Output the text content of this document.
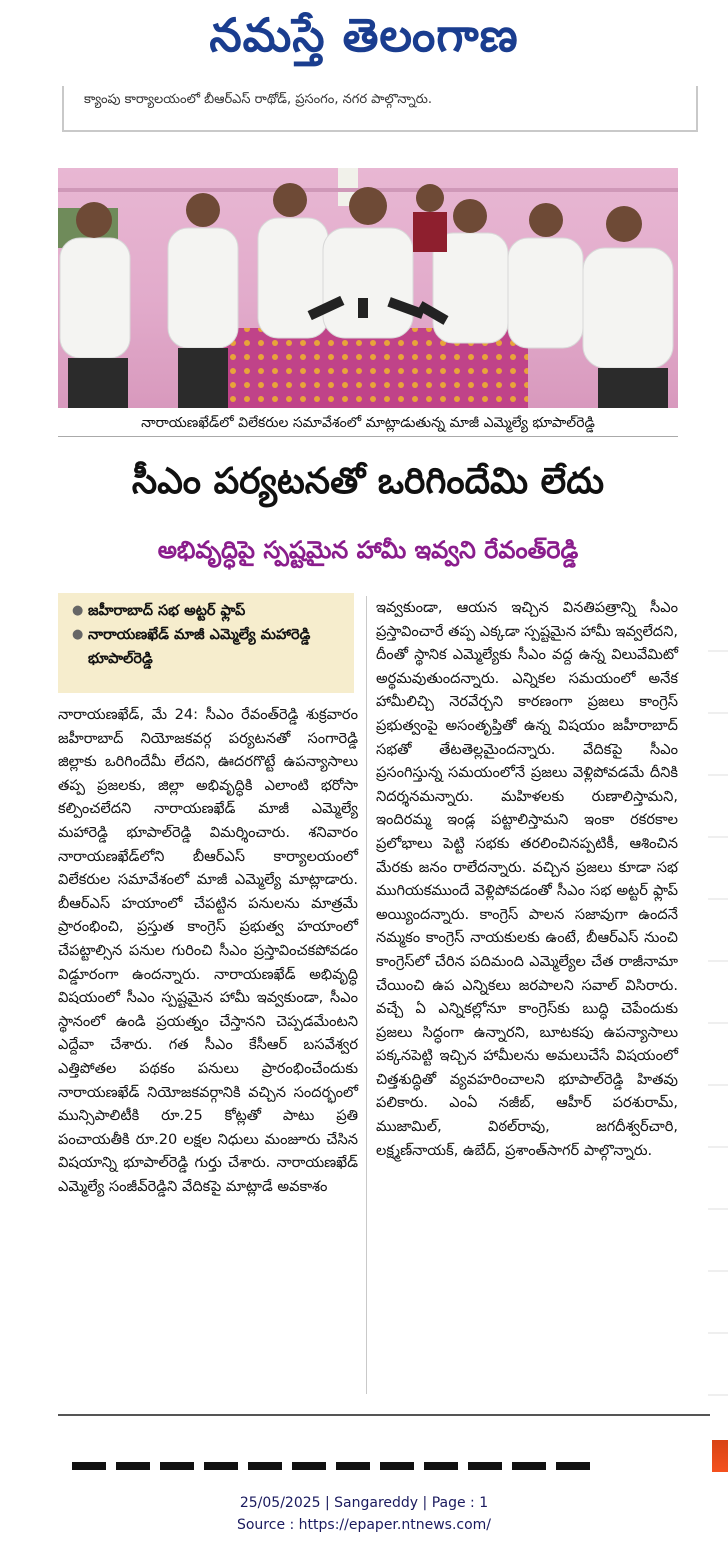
నమస్తే తెలంగాణ
క్యాంపు కార్యాలయంలో బీఆర్ఎస్ రాథోడ్, ప్రసంగం, నగర పాల్గొన్నారు.
నారాయణఖేడ్‌లో విలేకరుల సమావేశంలో మాట్లాడుతున్న మాజీ ఎమ్మెల్యే భూపాల్‌రెడ్డి
సీఎం పర్యటనతో ఒరిగిందేమి లేదు
అభివృద్ధిపై స్పష్టమైన హామీ ఇవ్వని రేవంత్‌రెడ్డి
● జహీరాబాద్ సభ అట్టర్ ఫ్లాప్
● నారాయణఖేడ్ మాజీ ఎమ్మెల్యే మహారెడ్డి భూపాల్‌రెడ్డి

నారాయణఖేడ్, మే 24: సీఎం రేవంత్‌రెడ్డి శుక్రవారం జహీరాబాద్ నియోజకవర్గ పర్యటనతో సంగారెడ్డి జిల్లాకు ఒరిగిందేమీ లేదని, ఊదరగొట్టే ఉపన్యాసాలు తప్ప ప్రజలకు, జిల్లా అభివృద్ధికి ఎలాంటి భరోసా కల్పించలేదని నారాయణఖేడ్ మాజీ ఎమ్మెల్యే మహారెడ్డి భూపాల్‌రెడ్డి విమర్శించారు. శనివారం నారాయణఖేడ్‌లోని బీఆర్‌ఎస్ కార్యాలయంలో విలేకరుల సమావేశంలో మాజీ ఎమ్మెల్యే మాట్లాడారు. బీఆర్‌ఎస్ హయాంలో చేపట్టిన పనులను మాత్రమే ప్రారంభించి, ప్రస్తుత కాంగ్రెస్ ప్రభుత్వ హయాంలో చేపట్టాల్సిన పనుల గురించి సీఎం ప్రస్తావించకపోవడం విడ్డూరంగా ఉందన్నారు. నారాయణఖేడ్ అభివృద్ధి విషయంలో సీఎం స్పష్టమైన హామీ ఇవ్వకుండా, సీఎం స్థానంలో ఉండి ప్రయత్నం చేస్తానని చెప్పడమేంటని ఎద్దేవా చేశారు. గత సీఎం కేసీఆర్ బసవేశ్వర ఎత్తిపోతల పథకం పనులు ప్రారంభించేందుకు నారాయణఖేడ్ నియోజకవర్గానికి వచ్చిన సందర్భంలో మున్సిపాలిటీకి రూ.25 కోట్లతో పాటు ప్రతి పంచాయతీకి రూ.20 లక్షల నిధులు మంజూరు చేసిన విషయాన్ని భూపాల్‌రెడ్డి గుర్తు చేశారు. నారాయణఖేడ్ ఎమ్మెల్యే సంజీవ్‌రెడ్డిని వేదికపై మాట్లాడే అవకాశం

ఇవ్వకుండా, ఆయన ఇచ్చిన వినతిపత్రాన్ని సీఎం ప్రస్తావించారే తప్ప ఎక్కడా స్పష్టమైన హామీ ఇవ్వలేదని, దీంతో స్థానిక ఎమ్మెల్యేకు సీఎం వద్ద ఉన్న విలువేమిటో అర్థమవుతుందన్నారు. ఎన్నికల సమయంలో అనేక హామీలిచ్చి నెరవేర్చని కారణంగా ప్రజలు కాంగ్రెస్ ప్రభుత్వంపై అసంతృప్తితో ఉన్న విషయం జహీరాబాద్ సభతో తేటతెల్లమైందన్నారు. వేదికపై సీఎం ప్రసంగిస్తున్న సమయంలోనే ప్రజలు వెళ్లిపోవడమే దీనికి నిదర్శనమన్నారు. మహిళలకు రుణాలిస్తామని, ఇందిరమ్మ ఇండ్ల పట్టాలిస్తామని ఇంకా రకరకాల ప్రలోభాలు పెట్టి సభకు తరలించినప్పటికీ, ఆశించిన మేరకు జనం రాలేదన్నారు. వచ్చిన ప్రజలు కూడా సభ ముగియకముందే వెళ్లిపోవడంతో సీఎం సభ అట్టర్ ఫ్లాప్ అయ్యిందన్నారు. కాంగ్రెస్ పాలన సజావుగా ఉందనే నమ్మకం కాంగ్రెస్ నాయకులకు ఉంటే, బీఆర్ఎస్ నుంచి కాంగ్రెస్‌లో చేరిన పదిమంది ఎమ్మెల్యేల చేత రాజీనామా చేయించి ఉప ఎన్నికలు జరపాలని సవాల్ విసిరారు. వచ్చే ఏ ఎన్నికల్లోనూ కాంగ్రెస్‌కు బుద్ధి చెపేందుకు ప్రజలు సిద్ధంగా ఉన్నారని, బూటకపు ఉపన్యాసాలు పక్కనపెట్టి ఇచ్చిన హామీలను అమలుచేసే విషయంలో చిత్తశుద్ధితో వ్యవహరించాలని భూపాల్‌రెడ్డి హితవు పలికారు. ఎంఏ నజీబ్, ఆహీర్ పరశురామ్, ముజామిల్, విఠల్‌రావు, జగదీశ్వర్‌చారి, లక్ష్మణ్‌నాయక్, ఉబేద్, ప్రశాంత్‌సాగర్ పాల్గొన్నారు.

25/05/2025 | Sangareddy | Page : 1
Source : https://epaper.ntnews.com/
